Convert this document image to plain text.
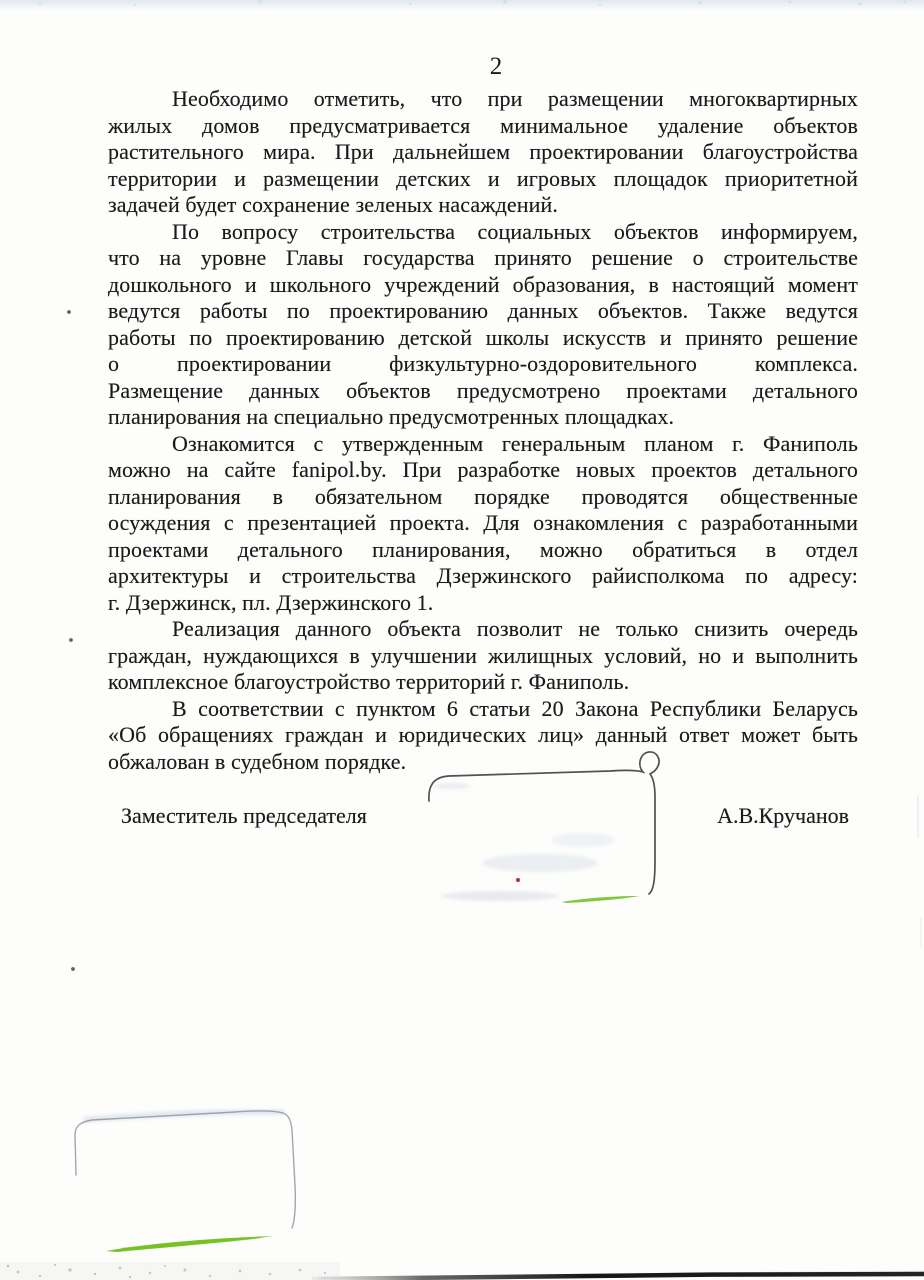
2
Необходимо отметить, что при размещении многоквартирных
жилых домов предусматривается минимальное удаление объектов
растительного мира. При дальнейшем проектировании благоустройства
территории и размещении детских и игровых площадок приоритетной
задачей будет сохранение зеленых насаждений.
По вопросу строительства социальных объектов информируем,
что на уровне Главы государства принято решение о строительстве
дошкольного и школьного учреждений образования, в настоящий момент
ведутся работы по проектированию данных объектов. Также ведутся
работы по проектированию детской школы искусств и принято решение
о проектировании физкультурно-оздоровительного комплекса.
Размещение данных объектов предусмотрено проектами детального
планирования на специально предусмотренных площадках.
Ознакомится с утвержденным генеральным планом г. Фаниполь
можно на сайте fanipol.by. При разработке новых проектов детального
планирования в обязательном порядке проводятся общественные
осуждения с презентацией проекта. Для ознакомления с разработанными
проектами детального планирования, можно обратиться в отдел
архитектуры и строительства Дзержинского райисполкома по адресу:
г. Дзержинск, пл. Дзержинского 1.
Реализация данного объекта позволит не только снизить очередь
граждан, нуждающихся в улучшении жилищных условий, но и выполнить
комплексное благоустройство территорий г. Фаниполь.
В соответствии с пунктом 6 статьи 20 Закона Республики Беларусь
«Об обращениях граждан и юридических лиц» данный ответ может быть
обжалован в судебном порядке.
Заместитель председателя	А.В.Кручанов
